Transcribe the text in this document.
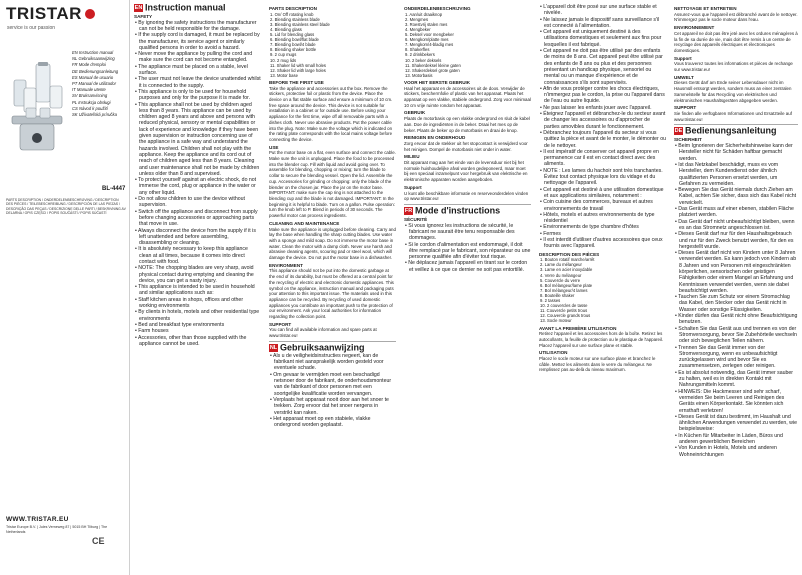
TRISTAR
service is our passion
EN Instruction manual
NL Gebruiksaanwijzing
FR Mode d'emploi
DE Bedienungsanleitung
ES Manual de usuario
PT Manual de utilizador
IT Manuale utente
SV Bruksanvisning
PL Instrukcja obsługi
CS Návod k použití
SK Užívateľská príručka
BL-4447
PARTS DESCRIPTION / ONDERDELENBESCHRIJVING / DESCRIPTION DES PIÈCES / TEILEBESCHREIBUNG / DESCRIPCIÓN DE LAS PIEZAS / DESCRIÇÃO DAS PEÇAS / DESCRIZIONE DELLE PARTI / BESKRIVNING AV DELARNA / OPIS CZĘŚCI / POPIS SOUČÁSTÍ / POPIS SÚČASTÍ
WWW.TRISTAR.EU
Tristar Europe B.V. | Jules Verneweg 87 | 5015 BH Tilburg | The Netherlands
CE
EN Instruction manual
SAFETY
• By ignoring the safety instructions the manufacturer can not be held responsible for the damage.
• If the supply cord is damaged, it must be replaced by the manufacturer, its service agent or similarly qualified persons in order to avoid a hazard.
• Never move the appliance by pulling the cord and make sure the cord can not become entangled.
• The appliance must be placed on a stable, level surface.
• The user must not leave the device unattended whilst it is connected to the supply.
• This appliance is only to be used for household purposes and only for the purpose it is made for.
• This appliance shall not be used by children aged less than 8 years. This appliance can be used by children aged 8 years and above and persons with reduced physical, sensory or mental capabilities or lack of experience and knowledge if they have been given supervision or instruction concerning use of the appliance in a safe way and understand the hazards involved. Children shall not play with the appliance. Keep the appliance and its cord out of reach of children aged less than 8 years. Cleaning and user maintenance shall not be made by children unless older than 8 and supervised.
• To protect yourself against an electric shock, do not immerse the cord, plug or appliance in the water or any other liquid.
• Do not allow children to use the device without supervision.
• Switch off the appliance and disconnect from supply before changing accessories or approaching parts that move in use.
• Always disconnect the device from the supply if it is left unattended and before assembling, disassembling or cleaning.
• It is absolutely necessary to keep this appliance clean at all times, because it comes into direct contact with food.
• NOTE: The chopping blades are very sharp, avoid physical contact during emptying and cleaning the device, you can get a nasty injury.
• This appliance is intended to be used in household and similar applications such as:
• Staff kitchen areas in shops, offices and other working environments
• By clients in hotels, motels and other residential type environments
• Bed and breakfast type environments
• Farm houses
• Accessories, other than those supplied with the appliance cannot be used.
PARTS DESCRIPTION
1. On/ Off rotating knob
2. Blending stainless blade
3. Blending stainless steel blade
4. Blending glass
5. Lid for blending glass
6. Blending bowl/flat blade
7. Blending bowl/4 blade
8. Blending shaker bottle
9. 2 cup mugs
10. 2 mug lids
11. Shaker lid with small holes
12. Shaker lid with large holes
13. Motor base
BEFORE THE FIRST USE

Take the appliance and accessories out the box. Remove the stickers, protective foil or plastic from the device. Place the device on a flat stable surface and ensure a minimum of 10 cm. free space around the device. This device is not suitable for installation in a cabinet or for outside use. Before using your appliance for the first time, wipe off all removable parts with a dishes cloth. Never use abrasive products. Put the power cable into the plug. Note: Make sure the voltage which is indicated on the rating plate corresponds with the local mains voltage before connecting the device.

USE

Put the motor base on a flat, even surface and connect the cable. Make sure the unit is unplugged. Place the food to be processed into the blender cup. Fill with liquid and avoid going over. To assemble for blending, chopping or mixing; turn the blade to collar to secure the blending vessel. Open the lid. Assemble the cup. Accessories for grinding or chopping: only the blade of the blender on the chosen jar. Place the jar on the motor base. IMPORTANT: make sure the cap ring is not attached to the blending cup and the blade is not damaged. IMPORTANT: In the beginning it is helpful to blade. Turn on a gallon. Pulse operation: turn the knob left to P. Blend in periods of 30 seconds. The powerful motor can process ingredients.

CLEANING AND MAINTENANCE

Make sure the appliance is unplugged before cleaning. Carry and lay the base when handling the sharp cutting blades. Use water with a sponge and mild soap. Do not immerse the motor base in water. Clean the motor with a damp cloth. Never use harsh and abrasive cleaning agents, scouring pad or steel wool, which will damage the device. Do not put the motor base in a dishwasher.

ENVIRONMENT

This appliance should not be put into the domestic garbage at the end of its durability, but must be offered at a central point for the recycling of electric and electronic domestic appliances. This symbol on the appliance, instruction manual and packaging puts your attention to this important issue. The materials used in this appliance can be recycled. By recycling of used domestic appliances you contribute an important push to the protection of our environment. Ask your local authorities for information regarding the collection point.

SUPPORT

You can find all available information and spare parts at www.tristar.eu!

NL Gebruiksaanwijzing
• Als u de veiligheidsinstructies negeert, kan de fabrikant niet aansprakelijk worden gesteld voor eventuele schade.
• Om gevaar te vermijden moet een beschadigd netsnoer door de fabrikant, de onderhoudsmonteur van de fabrikant of door personen met een soortgelijke kwalificatie worden vervangen.
• Verplaats het apparaat nooit door aan het snoer te trekken. Zorg ervoor dat het snoer nergens in verstrikt kan raken.
• Het apparaat moet op een stabiele, vlakke ondergrond worden geplaatst.
ONDERDELENBESCHRIJVING
1. Aan/uit draaiknop
2. Mengmes
3. Roestvrij stalen mes
4. Mengbeker
5. Deksel voor mengbeker
6. Mengkom/platte mes
7. Mengkom/4-bladig mes
8. Shakerfles
9. 2 drinkbekers
10. 2 beker deksels
11. Shakerdeksel kleine gaten
12. Shakerdeksel grote gaten
13. Motorbasis
VOOR HET EERSTE GEBRUIK

Haal het apparaat en de accessoires uit de doos. Verwijder de stickers, beschermfolie of plastic van het apparaat. Plaats het apparaat op een vlakke, stabiele ondergrond. Zorg voor minimaal 10 cm vrije ruimte rondom het apparaat.

GEBRUIK

Plaats de motorbasis op een vlakke ondergrond en sluit de kabel aan. Doe de ingrediënten in de beker. Draai het mes op de beker. Plaats de beker op de motorbasis en draai de knop.

REINIGEN EN ONDERHOUD

Zorg ervoor dat de stekker uit het stopcontact is verwijderd voor het reinigen. Dompel de motorbasis niet onder in water.

MILIEU

Dit apparaat mag aan het einde van de levensduur niet bij het normale huishoudelijke afval worden gedeponeerd, maar moet bij een speciaal inzamelpunt voor hergebruik van elektrische en elektronische apparaten worden aangeboden.

Support

U kunt alle beschikbare informatie en reserveonderdelen vinden op www.tristar.eu!

FR Mode d'instructions
SÉCURITÉ
• Si vous ignorez les instructions de sécurité, le fabricant ne saurait être tenu responsable des dommages.
• Si le cordon d'alimentation est endommagé, il doit être remplacé par le fabricant, son réparateur ou une personne qualifiée afin d'éviter tout risque.
• Ne déplacez jamais l'appareil en tirant sur le cordon et veillez à ce que ce dernier ne soit pas entortillé.
• L'appareil doit être posé sur une surface stable et nivelée.
• Ne laissez jamais le dispositif sans surveillance s'il est connecté à l'alimentation.
• Cet appareil est uniquement destiné à des utilisations domestiques et seulement aux fins pour lesquelles il est fabriqué.
• Cet appareil ne doit pas être utilisé par des enfants de moins de 8 ans. Cet appareil peut être utilisé par des enfants de 8 ans ou plus et des personnes présentant un handicap physique, sensoriel ou mental ou un manque d'expérience et de connaissances s'ils sont supervisés.
• Afin de vous protéger contre les chocs électriques, n'immergez pas le cordon, la prise ou l'appareil dans de l'eau ou autre liquide.
• Ne pas laisser les enfants jouer avec l'appareil.
• Éteignez l'appareil et débranchez-le du secteur avant de changer les accessoires ou d'approcher de parties amovibles durant le fonctionnement.
• Débranchez toujours l'appareil du secteur si vous quittez la pièce et avant de le monter, le démonter ou de le nettoyer.
• Il est impératif de conserver cet appareil propre en permanence car il est en contact direct avec des aliments.
• NOTE : Les lames du hachoir sont très tranchantes. Évitez tout contact physique lors du vidage et du nettoyage de l'appareil.
• Cet appareil est destiné à une utilisation domestique et aux applications similaires, notamment :
• Coin cuisine des commerces, bureaux et autres environnements de travail
• Hôtels, motels et autres environnements de type résidentiel
• Environnements de type chambre d'hôtes
• Fermes
• Il est interdit d'utiliser d'autres accessoires que ceux fournis avec l'appareil.
DESCRIPTION DES PIÈCES
1. Bouton rotatif marche/arrêt
2. Lame du mélangeur
3. Lame en acier inoxydable
4. Verre du mélangeur
5. Couvercle du verre
6. Bol mélangeur/lame plate
7. Bol mélangeur/4 lames
8. Bouteille shaker
9. 2 tasses
10. 2 couvercles de tasse
11. Couvercle petits trous
12. Couvercle grands trous
13. Socle moteur
AVANT LA PREMIÈRE UTILISATION

Retirez l'appareil et les accessoires hors de la boîte. Retirez les autocollants, la feuille de protection ou le plastique de l'appareil. Placez l'appareil sur une surface plane et stable.

UTILISATION

Placez le socle moteur sur une surface plane et branchez le câble. Mettez les aliments dans le verre du mélangeur. Ne remplissez pas au-delà du niveau maximum.

NETTOYAGE ET ENTRETIEN

Assurez-vous que l'appareil est débranché avant de le nettoyer. N'immergez pas le socle moteur dans l'eau.

ENVIRONNEMENT

Cet appareil ne doit pas être jeté avec les ordures ménagères à la fin de sa durée de vie, mais doit être remis à un centre de recyclage des appareils électriques et électroniques domestiques.

Support

Vous trouverez toutes les informations et pièces de rechange sur www.tristar.eu!

UMWELT

Dieses Gerät darf am Ende seiner Lebensdauer nicht im Hausmüll entsorgt werden, sondern muss an einer zentralen Sammelstelle für das Recycling von elektrischen und elektronischen Haushaltsgeräten abgegeben werden.

SUPPORT

Sie finden alle verfügbaren Informationen und Ersatzteile auf www.tristar.eu!

DE Bedienungsanleitung
SICHERHEIT
• Beim Ignorieren der Sicherheitshinweise kann der Hersteller nicht für Schäden haftbar gemacht werden.
• Ist das Netzkabel beschädigt, muss es vom Hersteller, dem Kundendienst oder ähnlich qualifizierten Personen ersetzt werden, um Gefahren zu vermeiden.
• Bewegen Sie das Gerät niemals durch Ziehen am Kabel, achten Sie sicher, dass sich das Kabel nicht verwickelt.
• Das Gerät muss auf einer ebenen, stabilen Fläche platziert werden.
• Das Gerät darf nicht unbeaufsichtigt bleiben, wenn es an das Stromnetz angeschlossen ist.
• Dieses Gerät darf nur für den Haushaltsgebrauch und nur für den Zweck benutzt werden, für den es hergestellt wurde.
• Dieses Gerät darf nicht von Kindern unter 8 Jahren verwendet werden. Es kann jedoch von Kindern ab 8 Jahren und von Personen mit eingeschränkten körperlichen, sensorischen oder geistigen Fähigkeiten oder einem Mangel an Erfahrung und Kenntnissen verwendet werden, wenn sie dabei beaufsichtigt werden.
• Tauchen Sie zum Schutz vor einem Stromschlag das Kabel, den Stecker oder das Gerät nicht in Wasser oder sonstige Flüssigkeiten.
• Kinder dürfen das Gerät nicht ohne Beaufsichtigung benutzen.
• Schalten Sie das Gerät aus und trennen es von der Stromversorgung, bevor Sie Zubehörteile wechseln oder sich beweglichen Teilen nähern.
• Trennen Sie das Gerät immer von der Stromversorgung, wenn es unbeaufsichtigt zurückgelassen wird und bevor Sie es zusammensetzen, zerlegen oder reinigen.
• Es ist absolut notwendig, das Gerät immer sauber zu halten, weil es in direkten Kontakt mit Nahrungsmitteln kommt.
• HINWEIS: Die Hackmesser sind sehr scharf, vermeiden Sie beim Leeren und Reinigen des Geräts einen Körperkontakt. Sie könnten sich ernsthaft verletzen!
• Dieses Gerät ist dazu bestimmt, im Haushalt und ähnlichen Anwendungen verwendet zu werden, wie beispielsweise:
• In Küchen für Mitarbeiter in Läden, Büros und anderen gewerblichen Bereichen
• Von Kunden in Hotels, Motels und anderen Wohneinrichtungen
